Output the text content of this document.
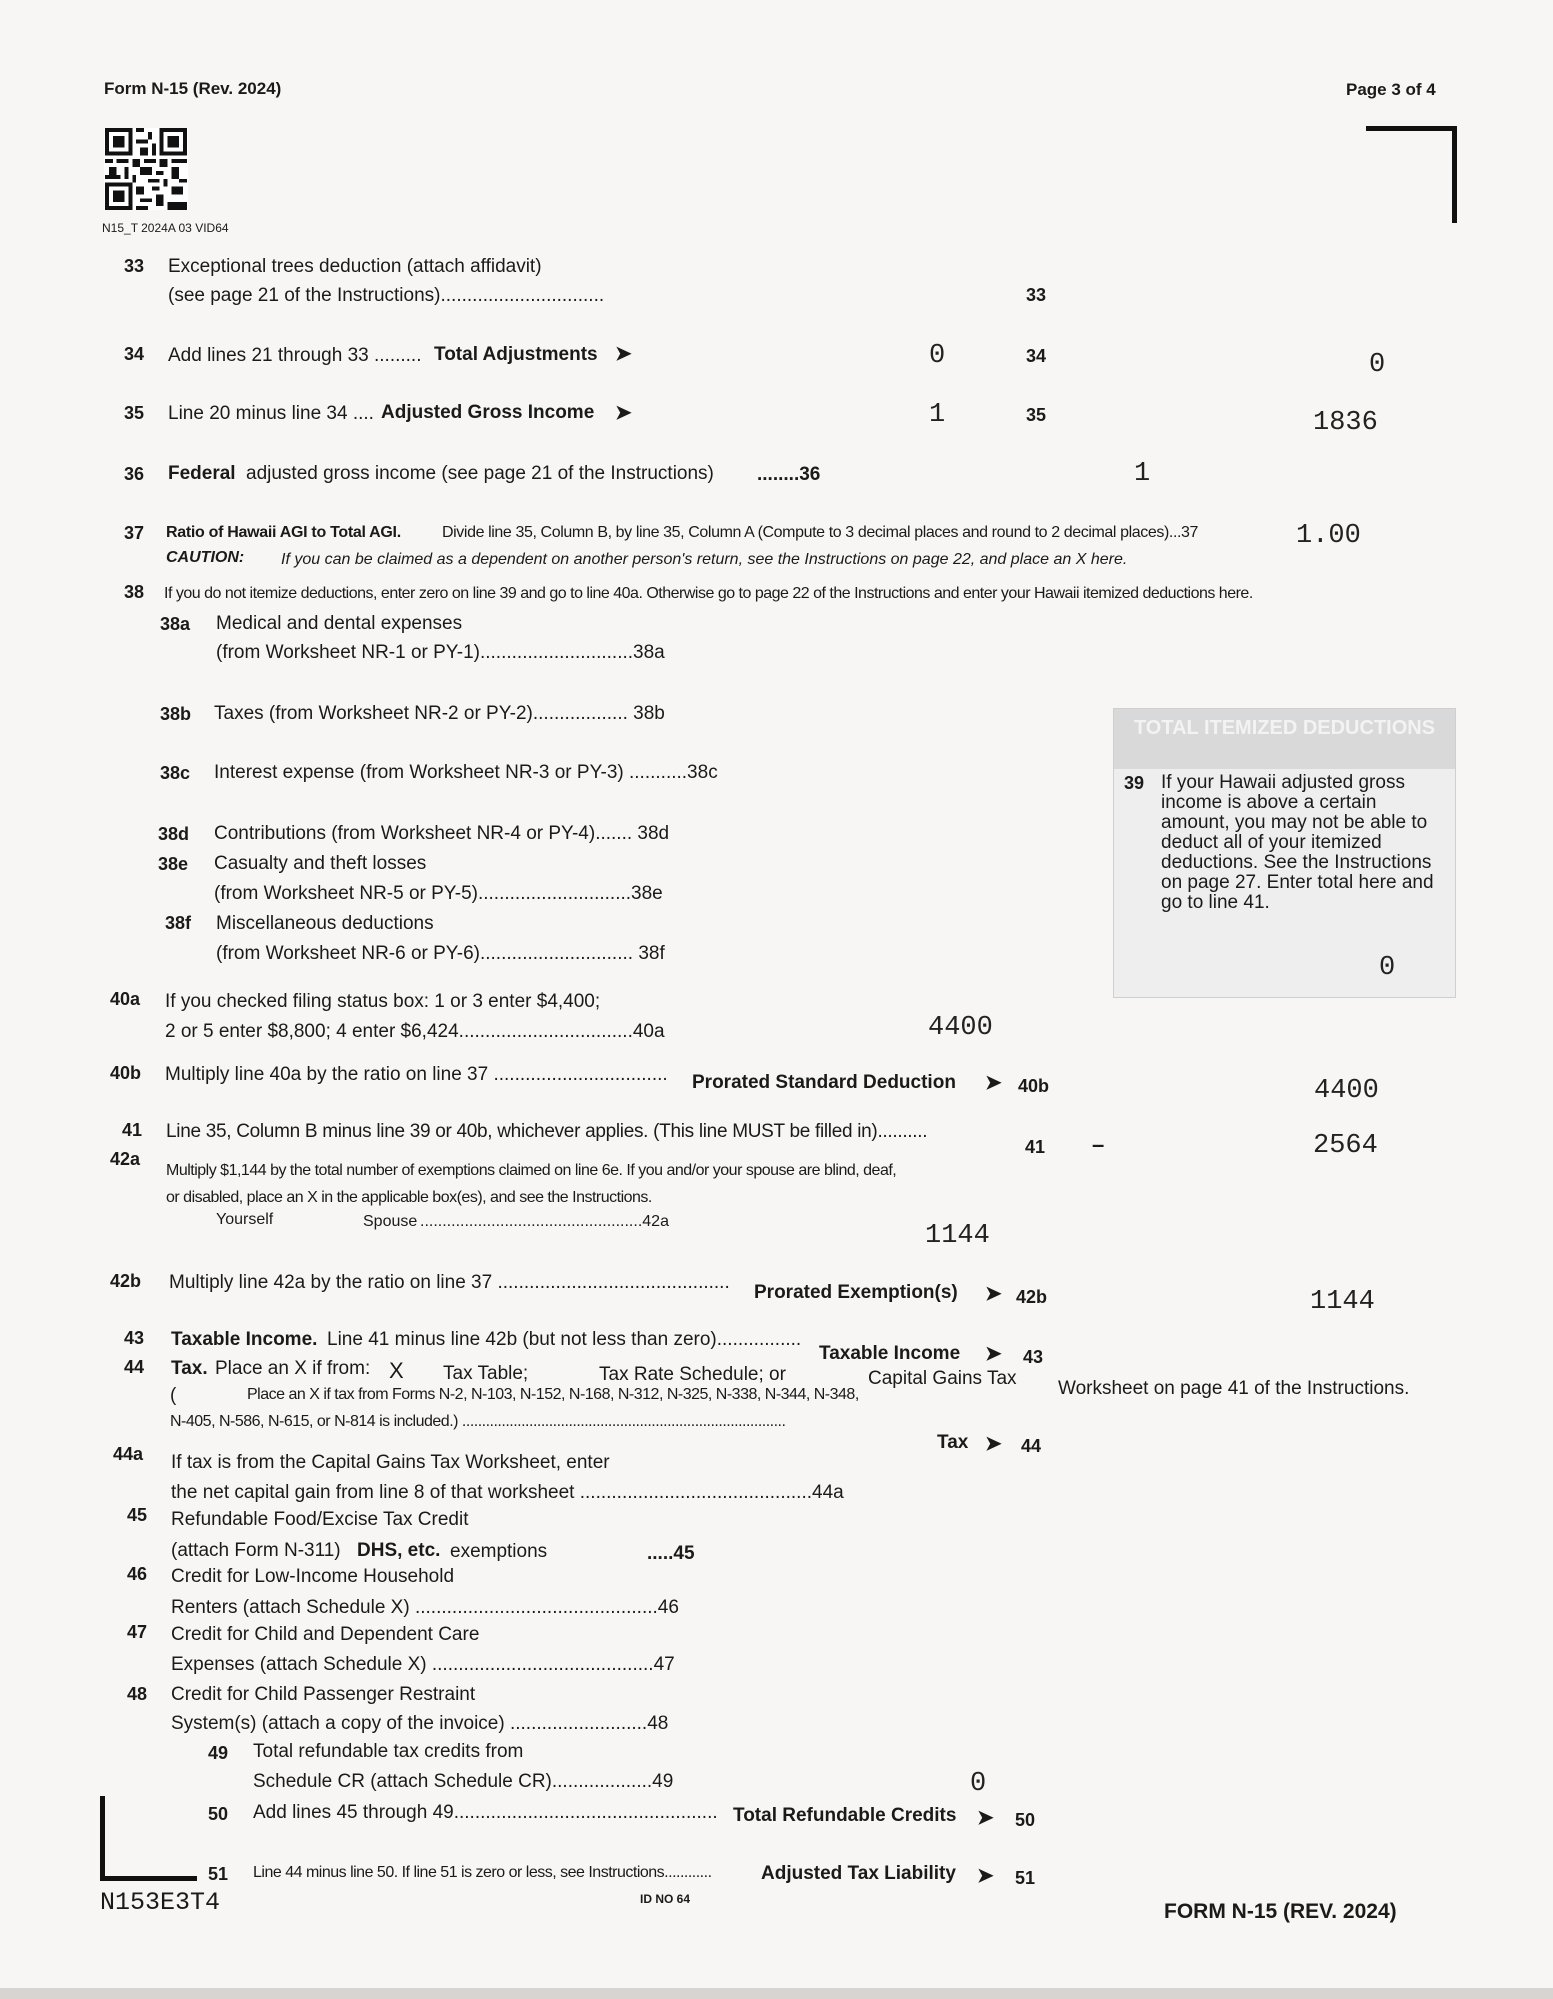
Form N-15 (Rev. 2024)	Page 3 of 4
N15_T 2024A 03 VID64
33 Exceptional trees deduction (attach affidavit)
(see page 21 of the Instructions)...............................	33
34 Add lines 21 through 33 ......... Total Adjustments ➤	0	34	0
35 Line 20 minus line 34 .... Adjusted Gross Income ➤	1	35	1836
36 Federal adjusted gross income (see page 21 of the Instructions) ........36	1
37 Ratio of Hawaii AGI to Total AGI.	Divide line 35, Column B, by line 35, Column A (Compute to 3 decimal places and round to 2 decimal places)...37	1.00
CAUTION: If you can be claimed as a dependent on another person's return, see the Instructions on page 22, and place an X here.
38 If you do not itemize deductions, enter zero on line 39 and go to line 40a. Otherwise go to page 22 of the Instructions and enter your Hawaii itemized deductions here.
38a Medical and dental expenses
(from Worksheet NR-1 or PY-1).............................38a
38b Taxes (from Worksheet NR-2 or PY-2).................. 38b
38c Interest expense (from Worksheet NR-3 or PY-3) ...........38c
38d Contributions (from Worksheet NR-4 or PY-4)....... 38d
38e Casualty and theft losses
(from Worksheet NR-5 or PY-5).............................38e
38f Miscellaneous deductions
(from Worksheet NR-6 or PY-6)............................. 38f
TOTAL ITEMIZED DEDUCTIONS
39 If your Hawaii adjusted gross income is above a certain amount, you may not be able to deduct all of your itemized deductions. See the Instructions on page 27. Enter total here and go to line 41.
0
40a If you checked filing status box: 1 or 3 enter $4,400;
2 or 5 enter $8,800; 4 enter $6,424.................................40a	4400
40b Multiply line 40a by the ratio on line 37 ................................. Prorated Standard Deduction ➤ 40b	4400
41 Line 35, Column B minus line 39 or 40b, whichever applies. (This line MUST be filled in)..........
41 –	2564
42a
Multiply $1,144 by the total number of exemptions claimed on line 6e. If you and/or your spouse are blind, deaf,
or disabled, place an X in the applicable box(es), and see the Instructions.
Yourself	Spouse ..................................................42a	1144
42b Multiply line 42a by the ratio on line 37 ............................................ Prorated Exemption(s) ➤ 42b	1144
43 Taxable Income. Line 41 minus line 42b (but not less than zero)................
Taxable Income ➤ 43
44 Tax. Place an X if from: X Tax Table;	Tax Rate Schedule; or	Capital Gains Tax Worksheet on page 41 of the Instructions.
(	Place an X if tax from Forms N-2, N-103, N-152, N-168, N-312, N-325, N-338, N-344, N-348,
N-405, N-586, N-615, or N-814 is included.) ..................................................................................
Tax ➤ 44
44a If tax is from the Capital Gains Tax Worksheet, enter
the net capital gain from line 8 of that worksheet ............................................44a
45 Refundable Food/Excise Tax Credit
(attach Form N-311) DHS, etc. exemptions	.....45
46 Credit for Low-Income Household
Renters (attach Schedule X) ..............................................46
47 Credit for Child and Dependent Care
Expenses (attach Schedule X) ..........................................47
48 Credit for Child Passenger Restraint
System(s) (attach a copy of the invoice) ..........................48
49 Total refundable tax credits from
Schedule CR (attach Schedule CR)...................49	0
50 Add lines 45 through 49.................................................. Total Refundable Credits ➤ 50
51 Line 44 minus line 50. If line 51 is zero or less, see Instructions............	Adjusted Tax Liability ➤ 51
N153E3T4	ID NO 64
FORM N-15 (REV. 2024)
